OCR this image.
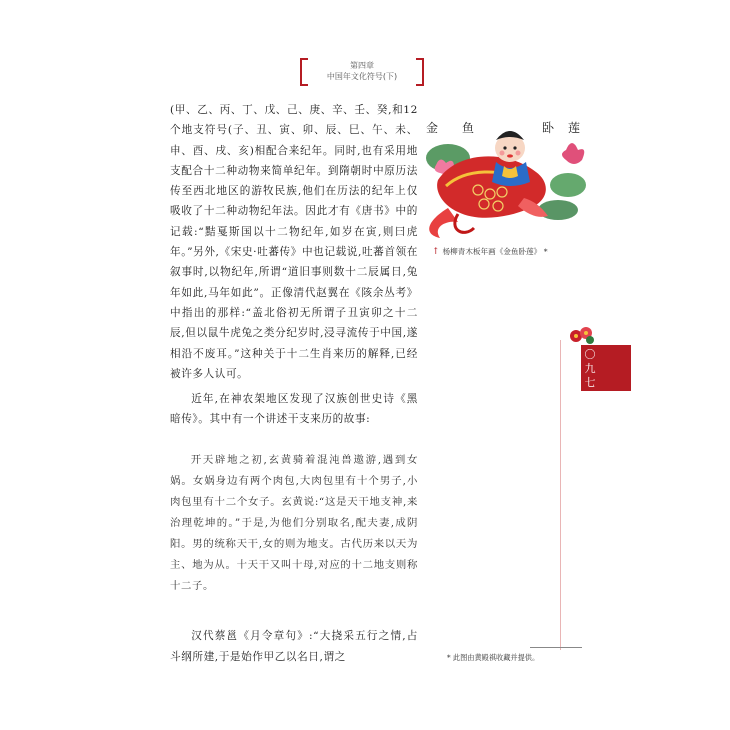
第四章
中国年文化符号(下)

(甲、乙、丙、丁、戊、己、庚、辛、壬、癸,和12个地支符号(子、丑、寅、卯、辰、巳、午、未、申、酉、戌、亥)相配合来纪年。同时,也有采用地支配合十二种动物来简单纪年。到隋朝时中原历法传至西北地区的游牧民族,他们在历法的纪年上仅吸收了十二种动物纪年法。因此才有《唐书》中的记载:“黠戛斯国以十二物纪年,如岁在寅,则曰虎年。”另外,《宋史·吐蕃传》中也记载说,吐蕃首领在叙事时,以物纪年,所谓“道旧事则数十二辰属日,兔年如此,马年如此”。正像清代赵翼在《陔余丛考》中指出的那样:“盖北俗初无所谓子丑寅卯之十二辰,但以鼠牛虎兔之类分纪岁时,浸寻流传于中国,遂相沿不废耳。”这种关于十二生肖来历的解释,已经被许多人认可。

近年,在神农架地区发现了汉族创世史诗《黑暗传》。其中有一个讲述干支来历的故事:

开天辟地之初,玄黄骑着混沌兽遨游,遇到女娲。女娲身边有两个肉包,大肉包里有十个男子,小肉包里有十二个女子。玄黄说:“这是天干地支神,来治理乾坤的。”于是,为他们分别取名,配夫妻,成阴阳。男的统称天干,女的则为地支。古代历来以天为主、地为从。十天干又叫十母,对应的十二地支则称十二子。
汉代蔡邕《月令章句》:“大挠采五行之情,占斗纲所建,于是始作甲乙以名日,谓之
金 鱼	卧 莲
↑ 杨柳青木板年画《金鱼卧莲》 *
〇
九
七
* 此图由黄殿祺收藏并提供。
